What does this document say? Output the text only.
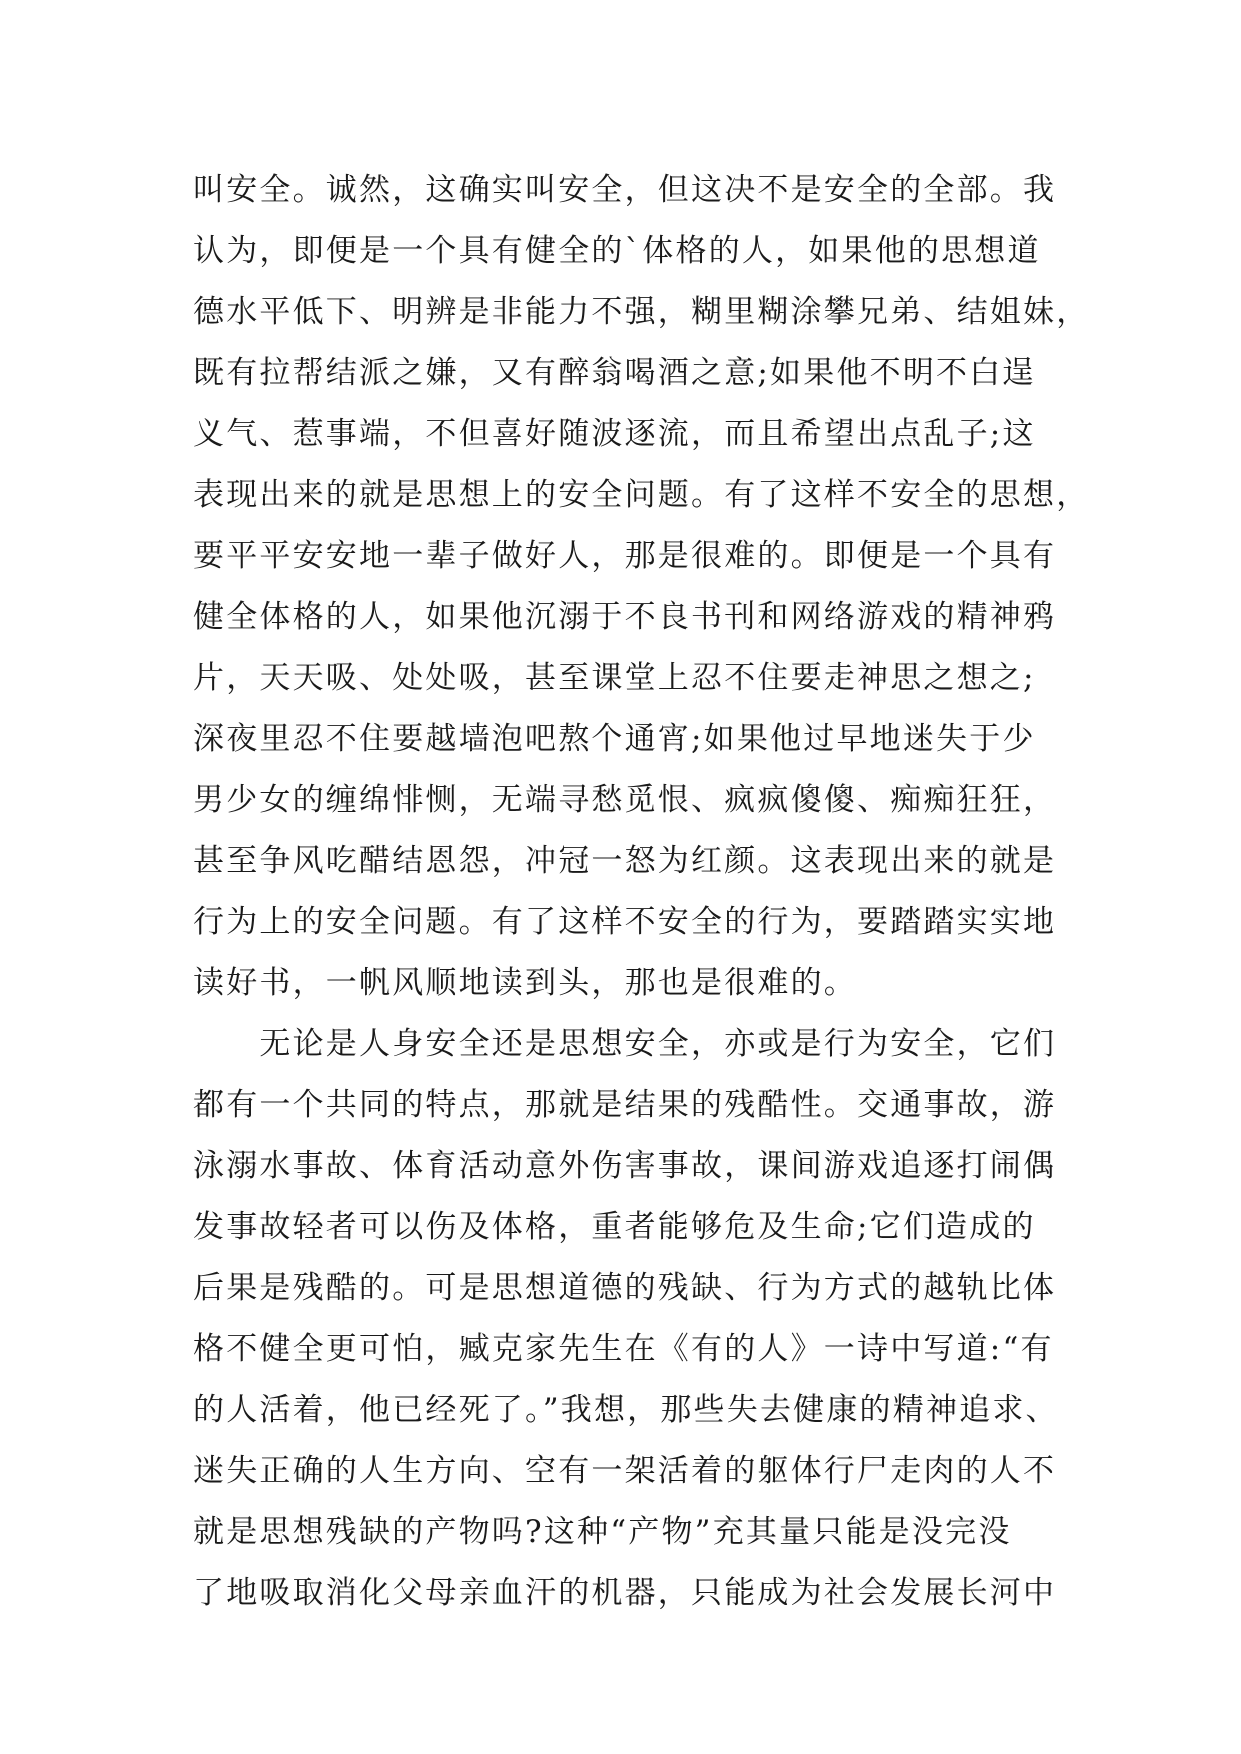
叫安全。诚然，这确实叫安全，但这决不是安全的全部。我
认为，即便是一个具有健全的`体格的人，如果他的思想道
德水平低下、明辨是非能力不强，糊里糊涂攀兄弟、结姐妹，
既有拉帮结派之嫌，又有醉翁喝酒之意;如果他不明不白逞
义气、惹事端，不但喜好随波逐流，而且希望出点乱子;这
表现出来的就是思想上的安全问题。有了这样不安全的思想，
要平平安安地一辈子做好人，那是很难的。即便是一个具有
健全体格的人，如果他沉溺于不良书刊和网络游戏的精神鸦
片，天天吸、处处吸，甚至课堂上忍不住要走神思之想之;
深夜里忍不住要越墙泡吧熬个通宵;如果他过早地迷失于少
男少女的缠绵悱恻，无端寻愁觅恨、疯疯傻傻、痴痴狂狂，
甚至争风吃醋结恩怨，冲冠一怒为红颜。这表现出来的就是
行为上的安全问题。有了这样不安全的行为，要踏踏实实地
读好书，一帆风顺地读到头，那也是很难的。
　　无论是人身安全还是思想安全，亦或是行为安全，它们
都有一个共同的特点，那就是结果的残酷性。交通事故，游
泳溺水事故、体育活动意外伤害事故，课间游戏追逐打闹偶
发事故轻者可以伤及体格，重者能够危及生命;它们造成的
后果是残酷的。可是思想道德的残缺、行为方式的越轨比体
格不健全更可怕，臧克家先生在《有的人》一诗中写道:“有
的人活着，他已经死了。”我想，那些失去健康的精神追求、
迷失正确的人生方向、空有一架活着的躯体行尸走肉的人不
就是思想残缺的产物吗?这种“产物”充其量只能是没完没
了地吸取消化父母亲血汗的机器，只能成为社会发展长河中
